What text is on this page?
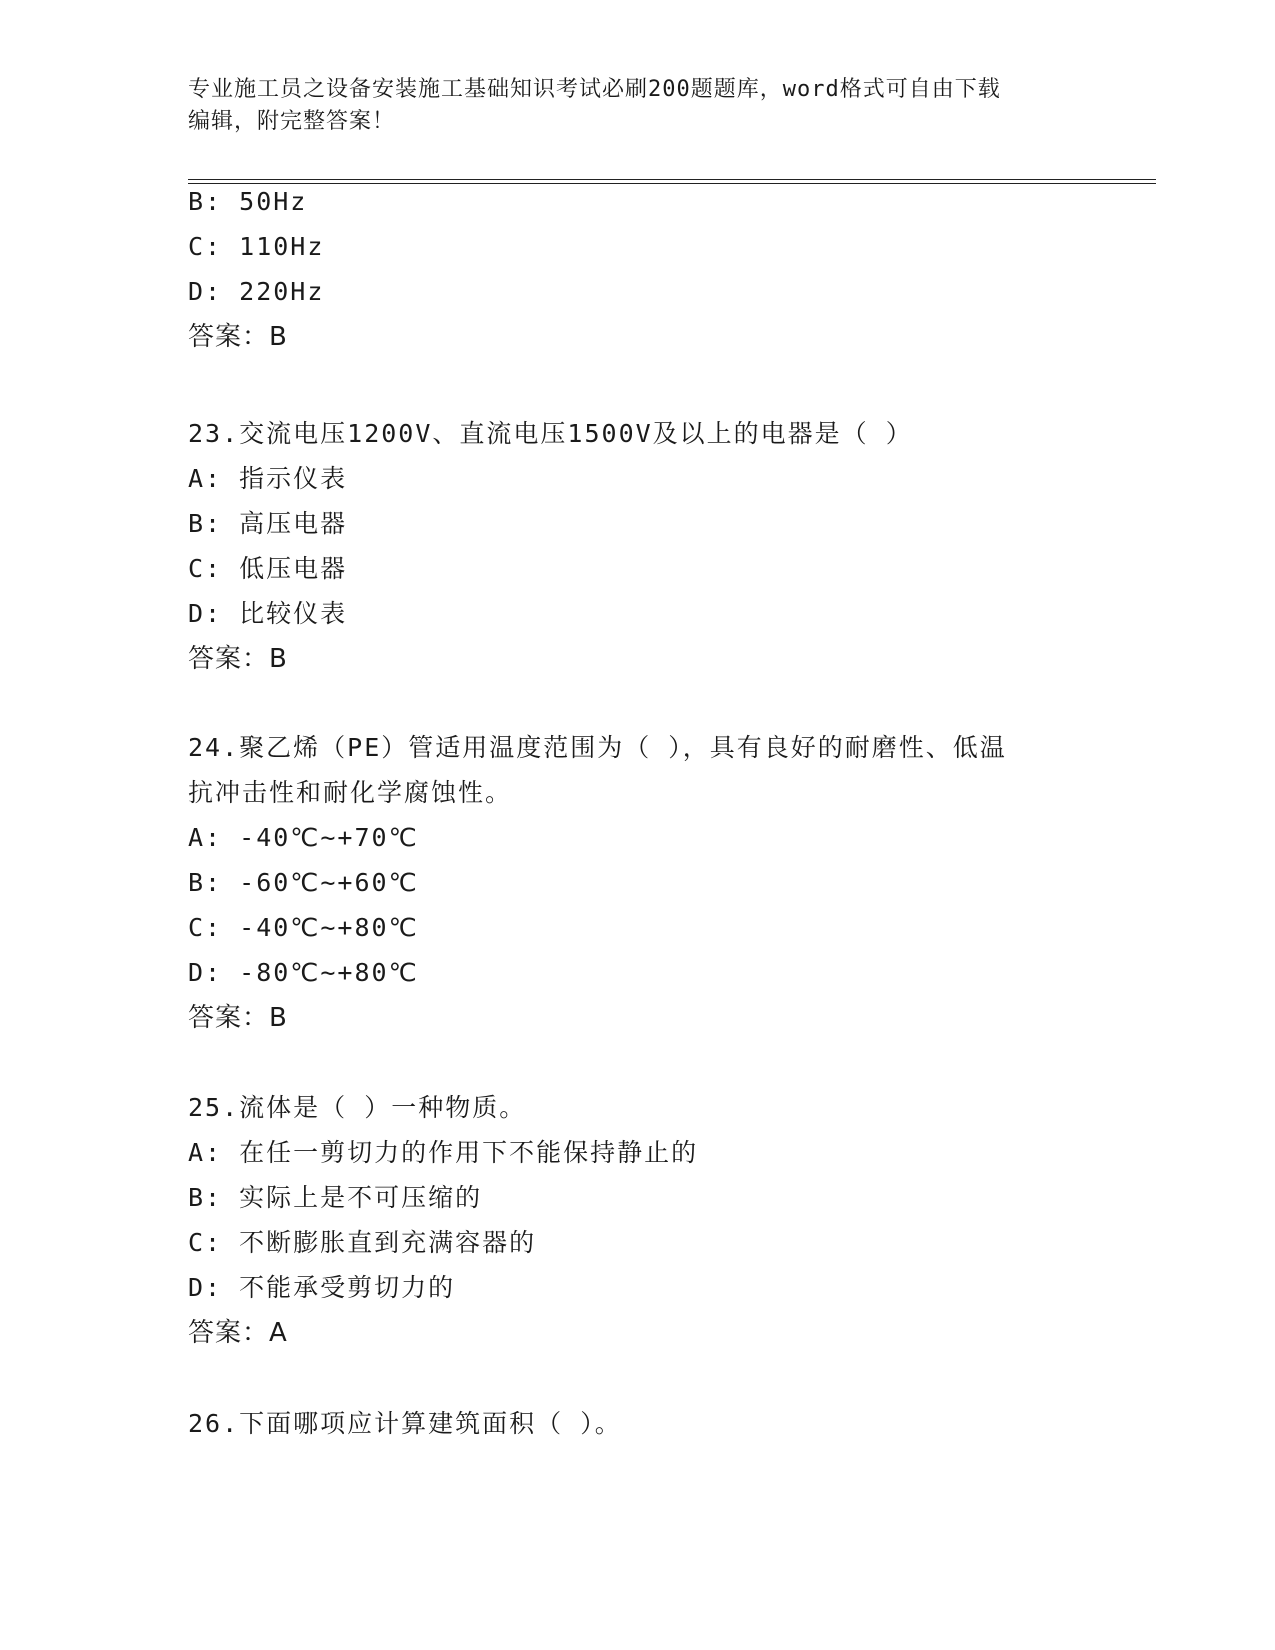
专业施工员之设备安装施工基础知识考试必刷200题题库，word格式可自由下载
编辑，附完整答案！
B: 50Hz
C: 110Hz
D: 220Hz
答案：B
23.交流电压1200V、直流电压1500V及以上的电器是（ ）
A: 指示仪表
B: 高压电器
C: 低压电器
D: 比较仪表
答案：B
24.聚乙烯（PE）管适用温度范围为（ ），具有良好的耐磨性、低温
抗冲击性和耐化学腐蚀性。
A: -40℃~+70℃
B: -60℃~+60℃
C: -40℃~+80℃
D: -80℃~+80℃
答案：B
25.流体是（ ）一种物质。
A: 在任一剪切力的作用下不能保持静止的
B: 实际上是不可压缩的
C: 不断膨胀直到充满容器的
D: 不能承受剪切力的
答案：A
26.下面哪项应计算建筑面积（ ）。
